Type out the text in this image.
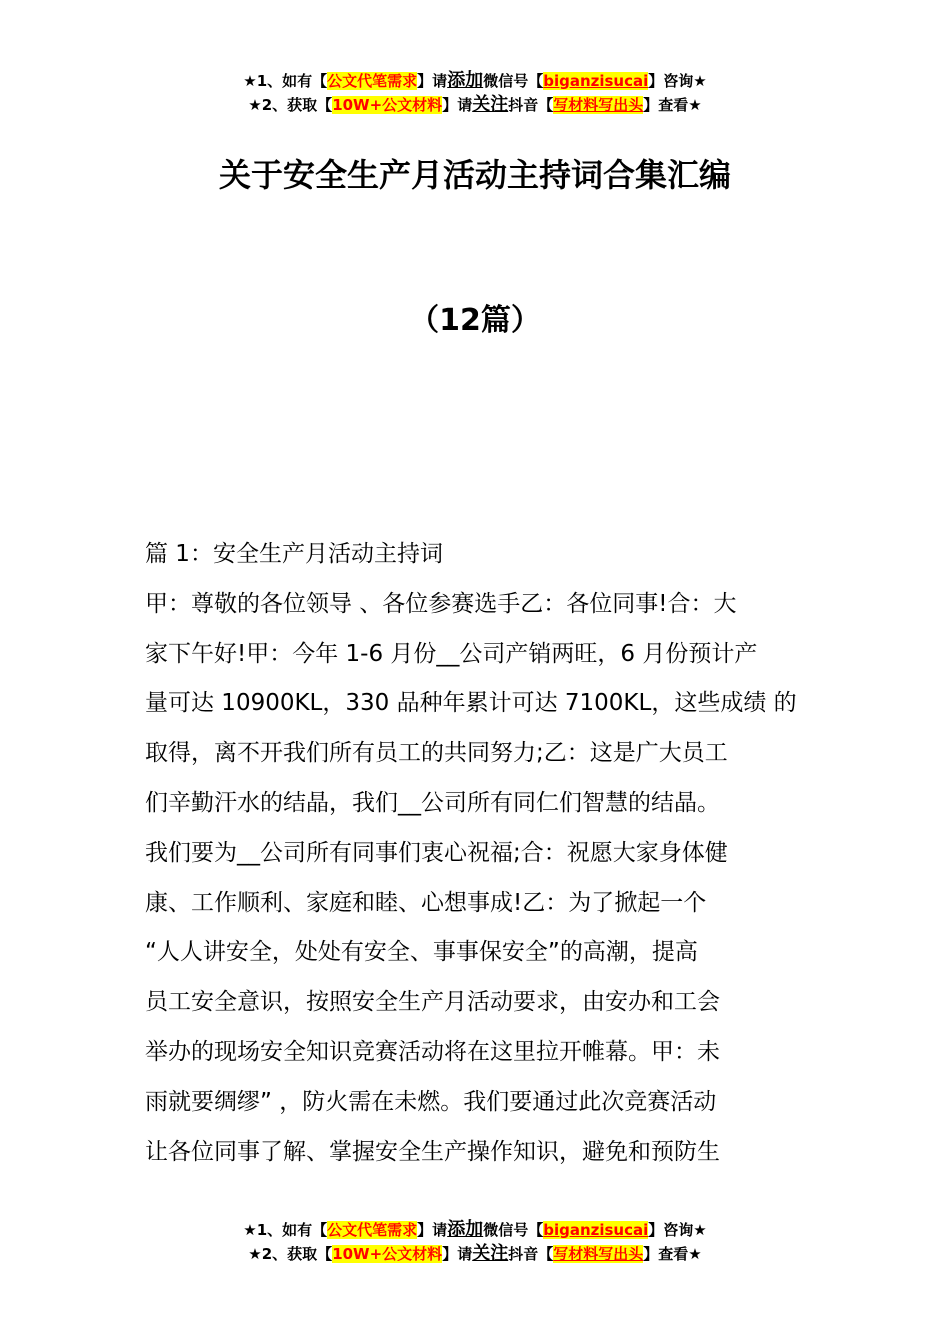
★1、如有【公文代笔需求】请添加微信号【biganzisucai】咨询★
★2、获取【10W+公文材料】请关注抖音【写材料写出头】查看★
关于安全生产月活动主持词合集汇编
（12篇）
篇 1：安全生产月活动主持词
甲：尊敬的各位领导 、各位参赛选手乙：各位同事!合：大
家下午好!甲：今年 1-6 月份__公司产销两旺，6 月份预计产
量可达 10900KL，330 品种年累计可达 7100KL，这些成绩 的
取得，离不开我们所有员工的共同努力;乙：这是广大员工
们辛勤汗水的结晶，我们__公司所有同仁们智慧的结晶。
我们要为__公司所有同事们衷心祝福;合：祝愿大家身体健
康、工作顺利、家庭和睦、心想事成!乙：为了掀起一个
“人人讲安全，处处有安全、事事保安全”的高潮，提高
员工安全意识，按照安全生产月活动要求，由安办和工会
举办的现场安全知识竞赛活动将在这里拉开帷幕。甲：未
雨就要绸缪” ，防火需在未燃。我们要通过此次竞赛活动
让各位同事了解、掌握安全生产操作知识，避免和预防生
★1、如有【公文代笔需求】请添加微信号【biganzisucai】咨询★
★2、获取【10W+公文材料】请关注抖音【写材料写出头】查看★
